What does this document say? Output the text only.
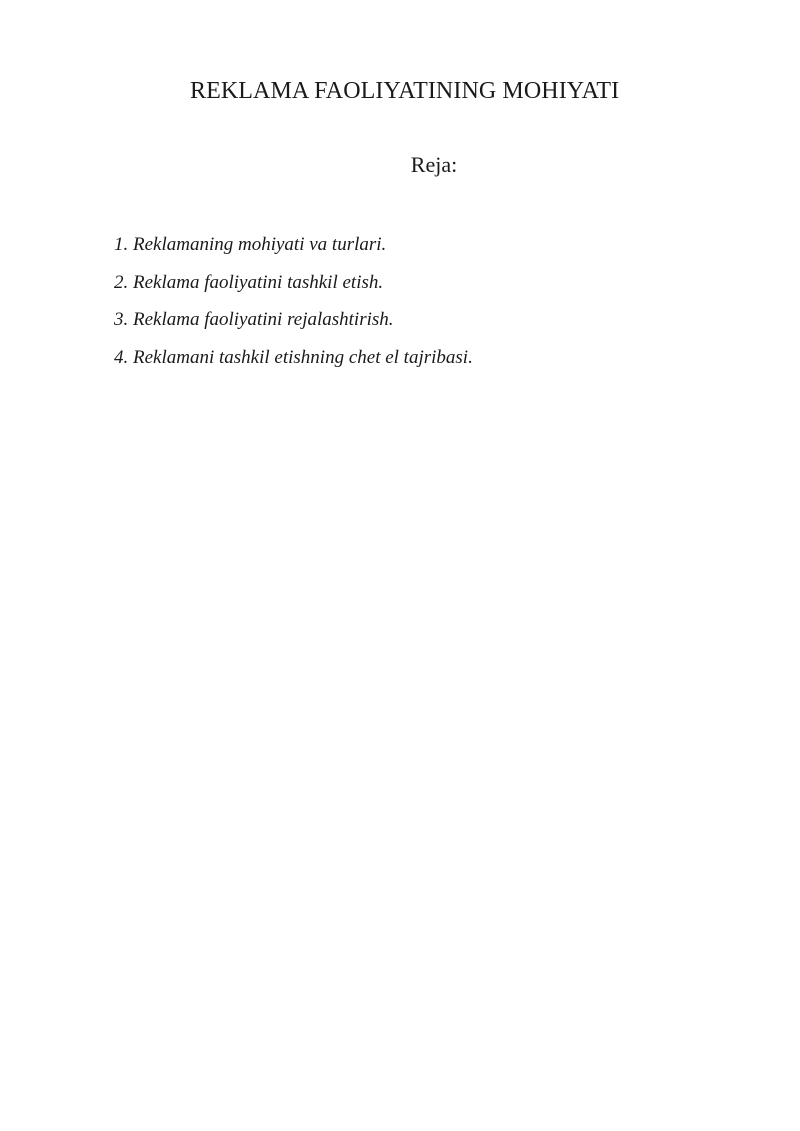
REKLAMA FAOLIYATINING MOHIYATI
Reja:
1. Reklamaning mohiyati va turlari.
2. Reklama faoliyatini tashkil etish.
3. Reklama faoliyatini rejalashtirish.
4. Reklamani tashkil etishning chet el tajribasi.
